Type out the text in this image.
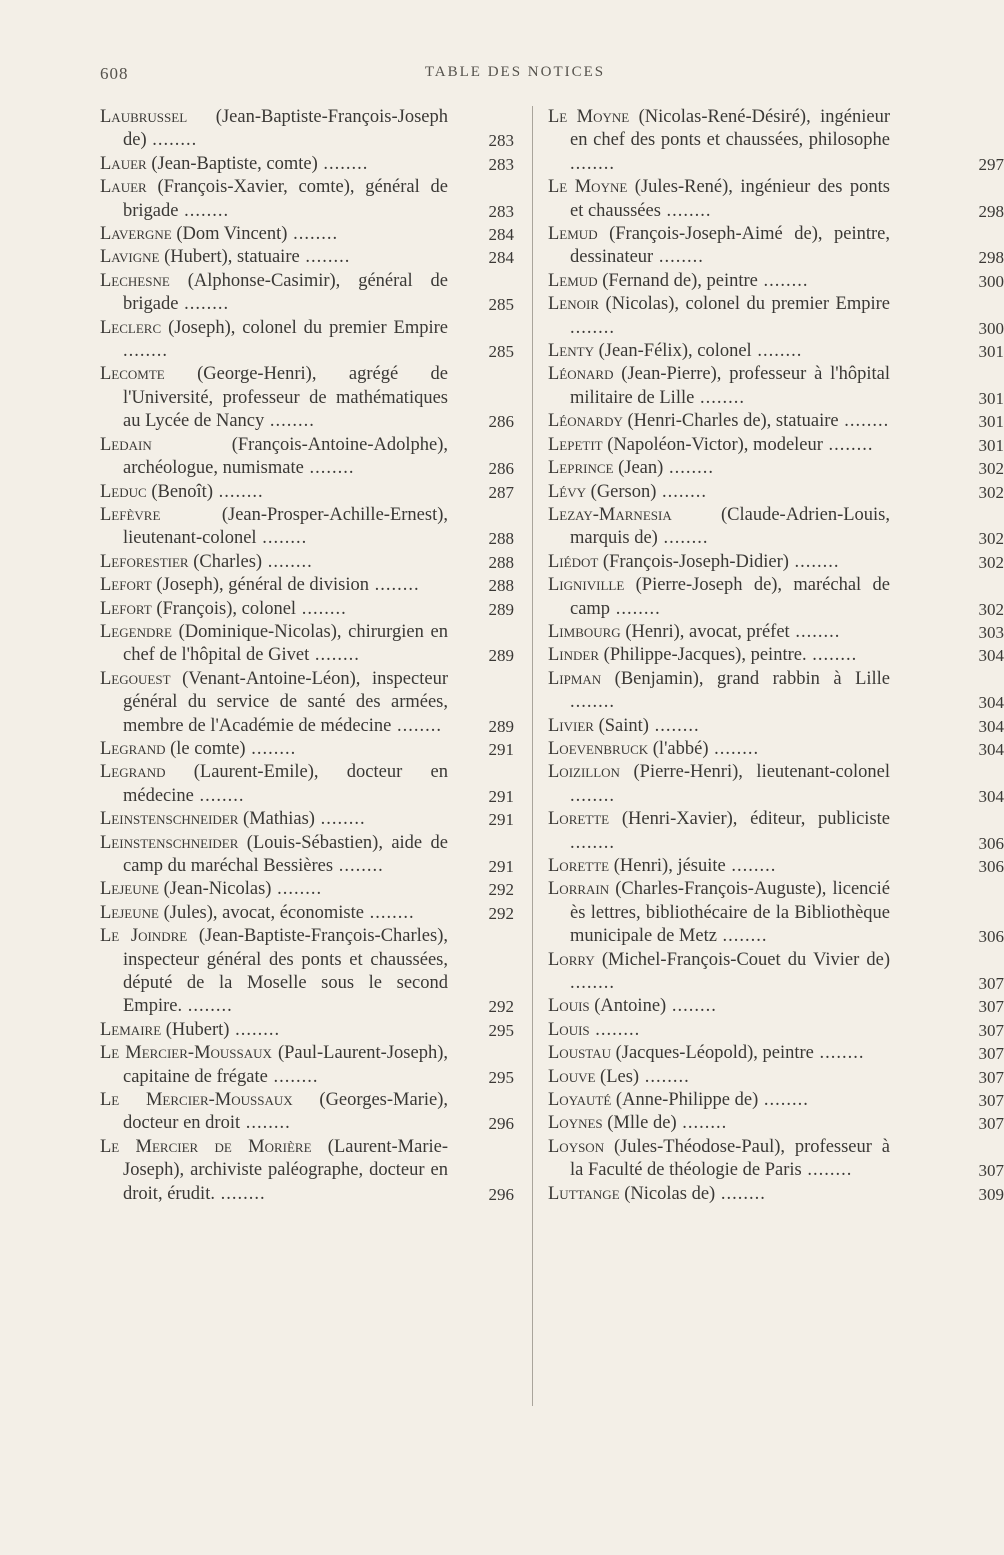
608	TABLE DES NOTICES
Laubrussel (Jean-Baptiste-François-Joseph de) ........	283
Lauer (Jean-Baptiste, comte) ........	283
Lauer (François-Xavier, comte), général de brigade ........	283
Lavergne (Dom Vincent) ........	284
Lavigne (Hubert), statuaire ........	284
Lechesne (Alphonse-Casimir), général de brigade ........	285
Leclerc (Joseph), colonel du premier Empire ........	285
Lecomte (George-Henri), agrégé de l'Université, professeur de mathématiques au Lycée de Nancy ........	286
Ledain (François-Antoine-Adolphe), archéologue, numismate ........	286
Leduc (Benoît) ........	287
Lefèvre (Jean-Prosper-Achille-Ernest), lieutenant-colonel ........	288
Leforestier (Charles) ........	288
Lefort (Joseph), général de division ........	288
Lefort (François), colonel ........	289
Legendre (Dominique-Nicolas), chirurgien en chef de l'hôpital de Givet ........	289
Legouest (Venant-Antoine-Léon), inspecteur général du service de santé des armées, membre de l'Académie de médecine ........	289
Legrand (le comte) ........	291
Legrand (Laurent-Emile), docteur en médecine ........	291
Leinstenschneider (Mathias) ........	291
Leinstenschneider (Louis-Sébastien), aide de camp du maréchal Bessières ........	291
Lejeune (Jean-Nicolas) ........	292
Lejeune (Jules), avocat, économiste ........	292
Le Joindre (Jean-Baptiste-François-Charles), inspecteur général des ponts et chaussées, député de la Moselle sous le second Empire. ........	292
Lemaire (Hubert) ........	295
Le Mercier-Moussaux (Paul-Laurent-Joseph), capitaine de frégate ........	295
Le Mercier-Moussaux (Georges-Marie), docteur en droit ........	296
Le Mercier de Morière (Laurent-Marie-Joseph), archiviste paléographe, docteur en droit, érudit. ........	296
Le Moyne (Nicolas-René-Désiré), ingénieur en chef des ponts et chaussées, philosophe ........	297
Le Moyne (Jules-René), ingénieur des ponts et chaussées ........	298
Lemud (François-Joseph-Aimé de), peintre, dessinateur ........	298
Lemud (Fernand de), peintre ........	300
Lenoir (Nicolas), colonel du premier Empire ........	300
Lenty (Jean-Félix), colonel ........	301
Léonard (Jean-Pierre), professeur à l'hôpital militaire de Lille ........	301
Léonardy (Henri-Charles de), statuaire ........	301
Lepetit (Napoléon-Victor), modeleur ........	301
Leprince (Jean) ........	302
Lévy (Gerson) ........	302
Lezay-Marnesia (Claude-Adrien-Louis, marquis de) ........	302
Liédot (François-Joseph-Didier) ........	302
Ligniville (Pierre-Joseph de), maréchal de camp ........	302
Limbourg (Henri), avocat, préfet ........	303
Linder (Philippe-Jacques), peintre. ........	304
Lipman (Benjamin), grand rabbin à Lille ........	304
Livier (Saint) ........	304
Loevenbruck (l'abbé) ........	304
Loizillon (Pierre-Henri), lieutenant-colonel ........	304
Lorette (Henri-Xavier), éditeur, publiciste ........	306
Lorette (Henri), jésuite ........	306
Lorrain (Charles-François-Auguste), licencié ès lettres, bibliothécaire de la Bibliothèque municipale de Metz ........	306
Lorry (Michel-François-Couet du Vivier de) ........	307
Louis (Antoine) ........	307
Louis ........	307
Loustau (Jacques-Léopold), peintre ........	307
Louve (Les) ........	307
Loyauté (Anne-Philippe de) ........	307
Loynes (Mlle de) ........	307
Loyson (Jules-Théodose-Paul), professeur à la Faculté de théologie de Paris ........	307
Luttange (Nicolas de) ........	309
